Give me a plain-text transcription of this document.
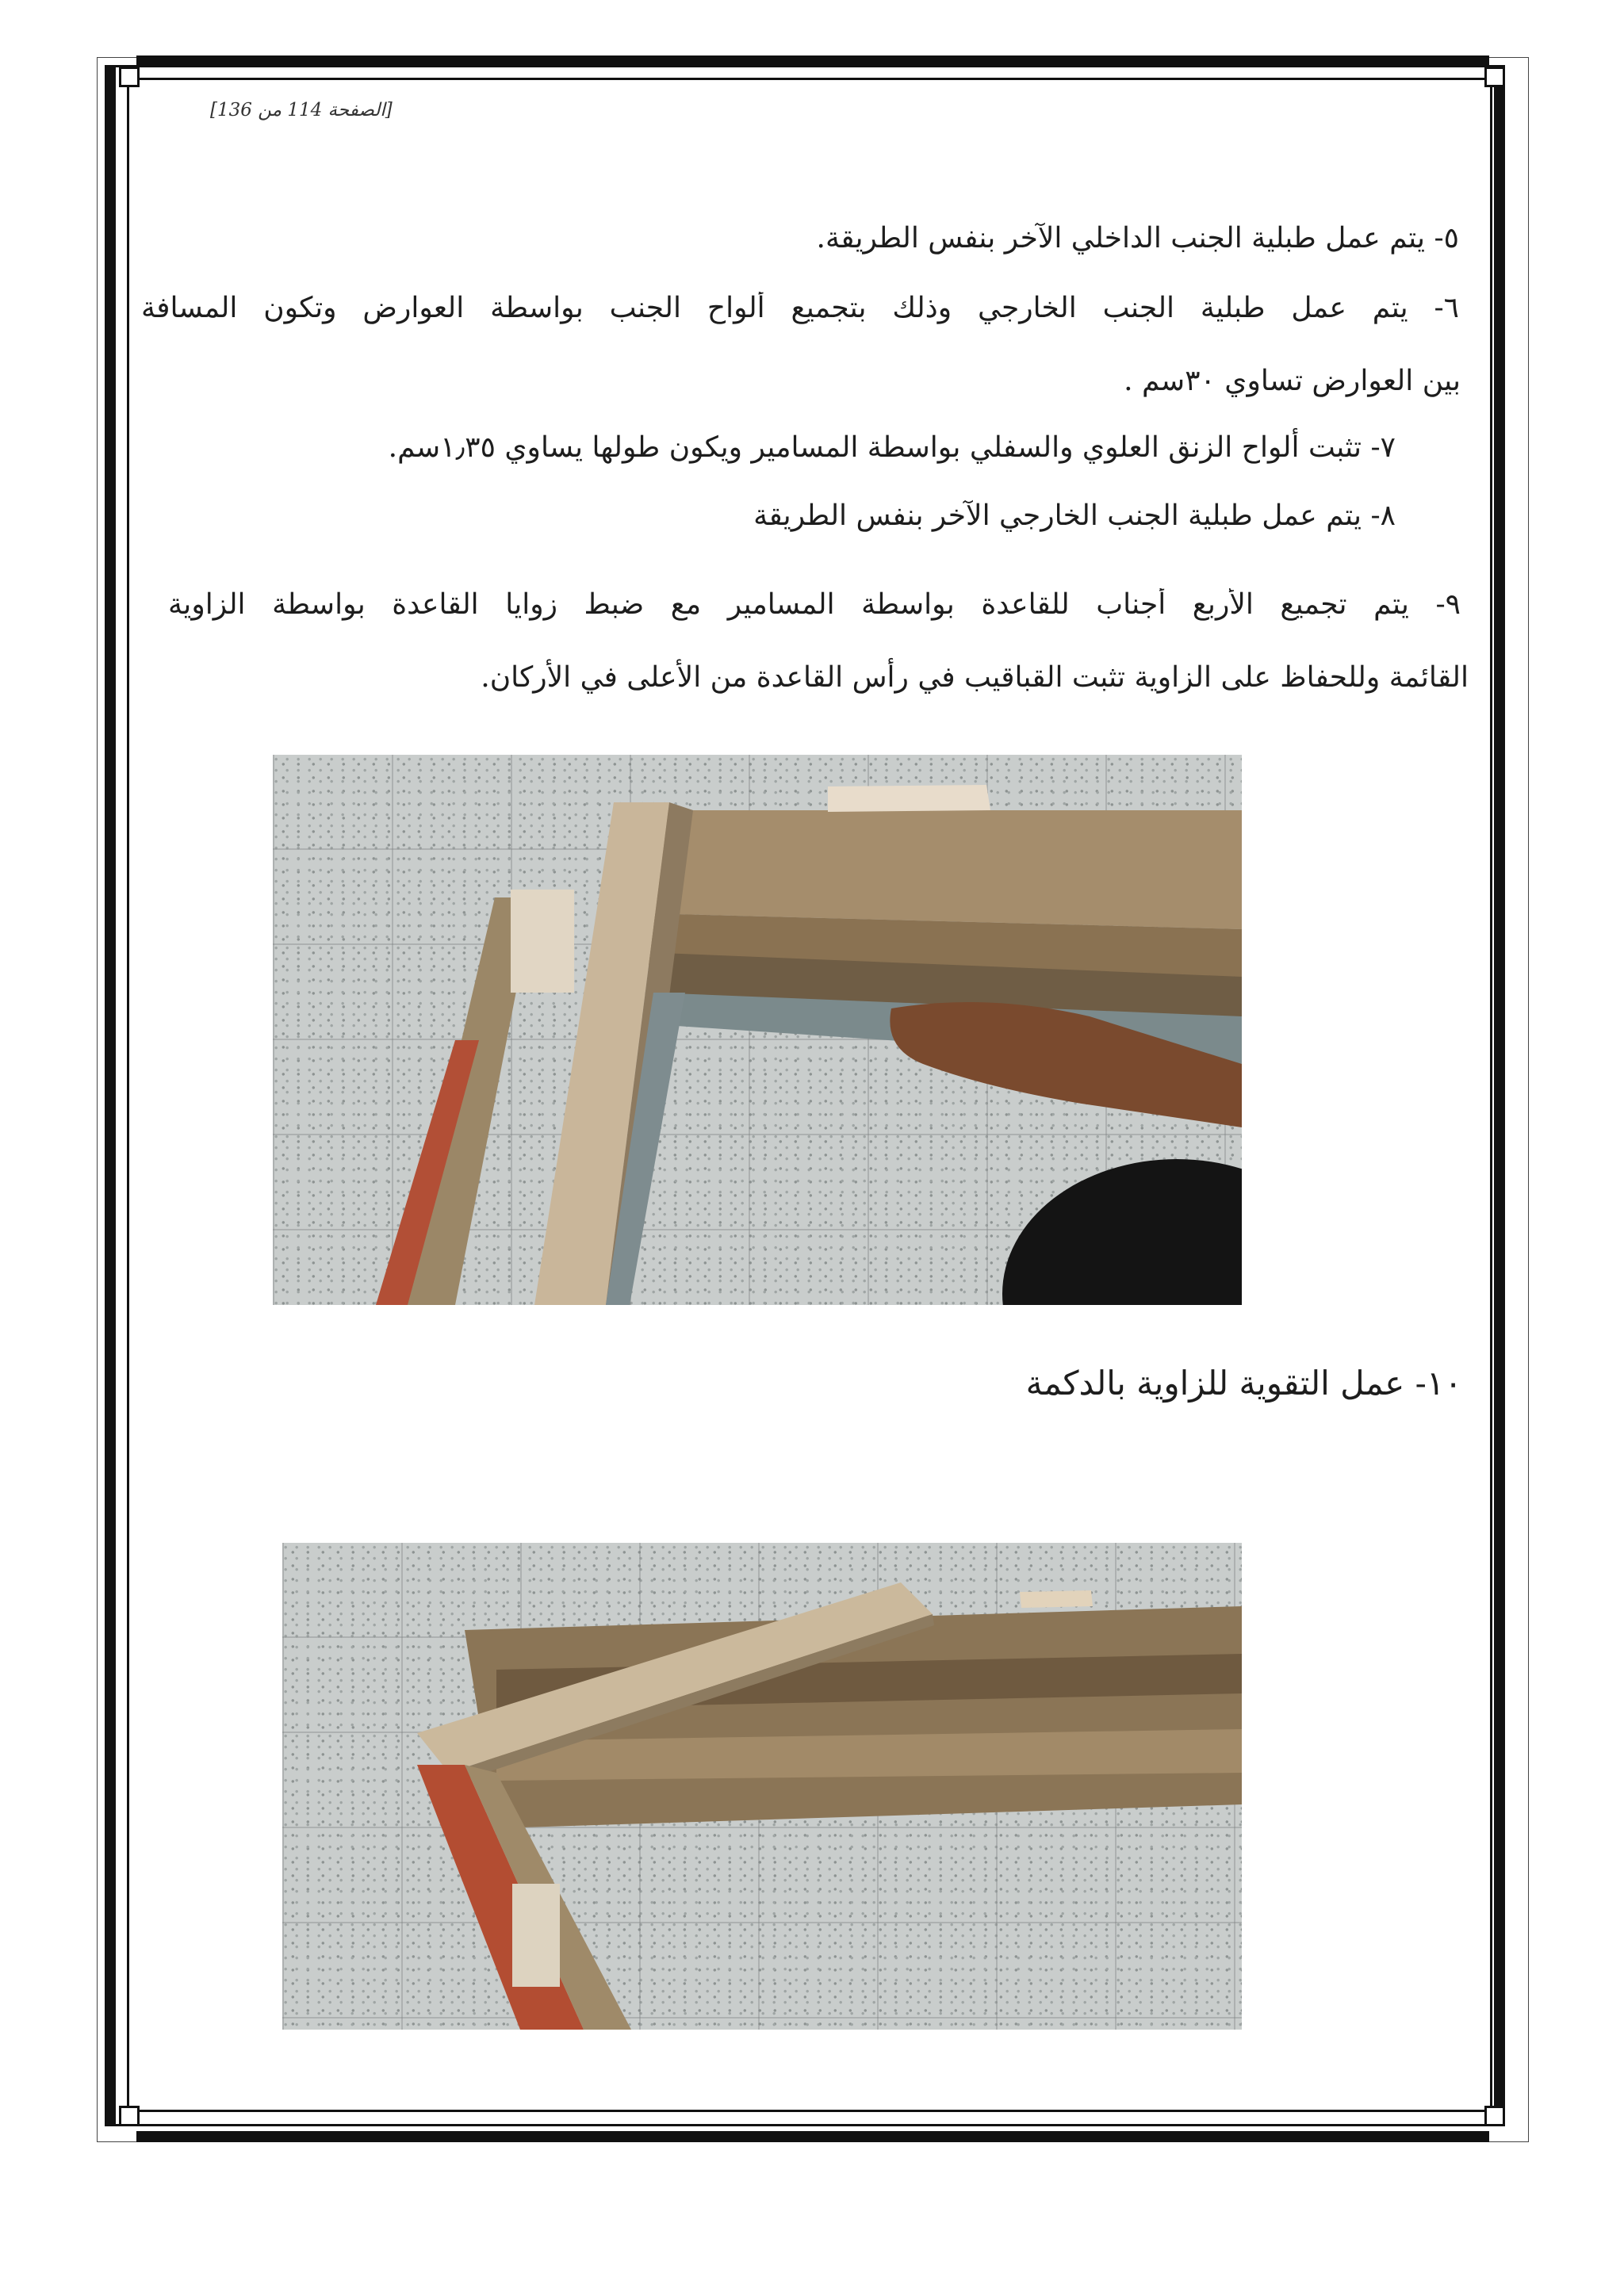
[الصفحة 114 من 136]
٥- يتم عمل طبلية الجنب الداخلي الآخر بنفس الطريقة.
٦- يتم عمل طبلية الجنب الخارجي وذلك بتجميع ألواح الجنب بواسطة العوارض وتكون المسافة
بين العوارض تساوي ٣٠سم .
٧- تثبت ألواح الزنق العلوي والسفلي بواسطة المسامير ويكون طولها يساوي ١٫٣٥سم.
٨- يتم عمل طبلية الجنب الخارجي الآخر بنفس الطريقة
٩- يتم تجميع الأربع أجناب للقاعدة بواسطة المسامير مع ضبط زوايا القاعدة بواسطة الزاوية
القائمة وللحفاظ على الزاوية تثبت القباقيب في رأس القاعدة من الأعلى في الأركان.
١٠- عمل التقوية للزاوية بالدكمة
